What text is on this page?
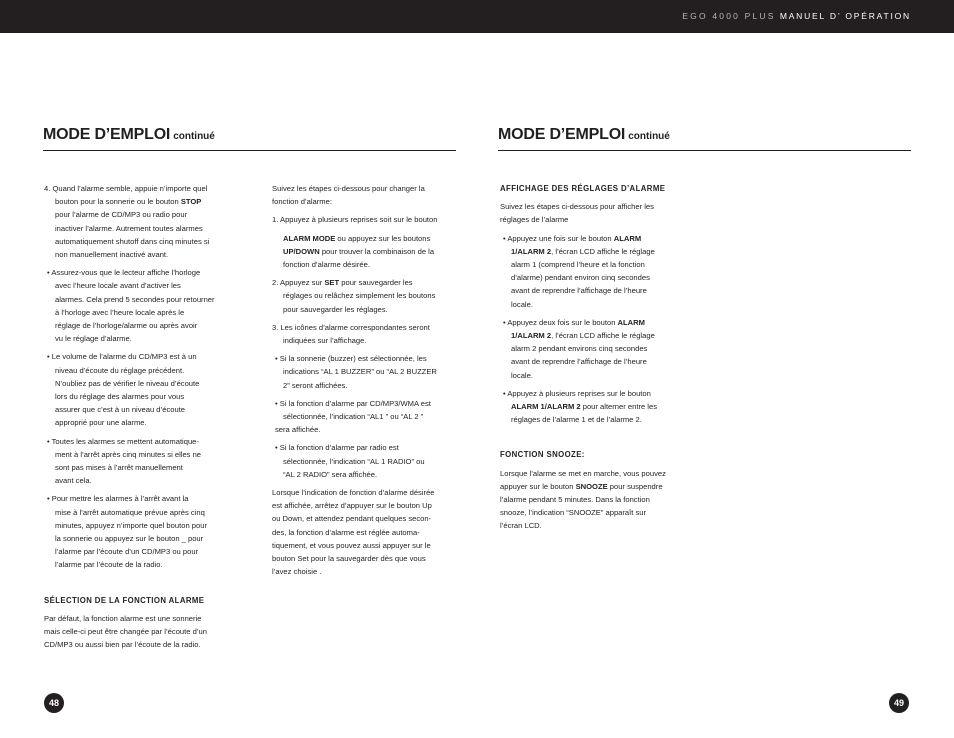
EGO 4000 PLUS MANUEL D’ OPÉRATION
MODE D’EMPLOI continué	MODE D’EMPLOI continué

4. Quand l’alarme semble, appuie n’importe quel

bouton pour la sonnerie ou le bouton STOP

pour l’alarme de CD/MP3 ou radio pour

inactiver l’alarme. Autrement toutes alarmes

automatiquement shutoff dans cinq minutes si

non manuellement inactivé avant.

• Assurez-vous que le lecteur affiche l’horloge

avec l’heure locale avant d’activer les

alarmes. Cela prend 5 secondes pour retourner

à l’horloge avec l’heure locale après le

réglage de l’horloge/alarme ou après avoir

vu le réglage d’alarme.

• Le volume de l’alarme du CD/MP3 est à un

niveau d’écoute du réglage précédent.

N’oubliez pas de vérifier le niveau d’écoute

lors du réglage des alarmes pour vous

assurer que c’est à un niveau d’écoute

approprié pour une alarme.

• Toutes les alarmes se mettent automatique-

ment à l’arrêt après cinq minutes si elles ne

sont pas mises à l’arrêt manuellement

avant cela.

• Pour mettre les alarmes à l’arrêt avant la

mise à l’arrêt automatique prévue après cinq

minutes, appuyez n’importe quel bouton pour

la sonnerie ou appuyez sur le bouton _ pour

l’alarme par l’écoute d’un CD/MP3 ou pour

l’alarme par l’écoute de la radio.

SÉLECTION DE LA FONCTION ALARME

Par défaut, la fonction alarme est une sonnerie

mais celle-ci peut être changée par l’écoute d’un

CD/MP3 ou aussi bien par l’écoute de la radio.

Suivez les étapes ci-dessous pour changer la

fonction d’alarme:

1. Appuyez à plusieurs reprises soit sur le bouton

ALARM MODE ou appuyez sur les boutons

UP/DOWN pour trouver la combinaison de la

fonction d’alarme désirée.

2. Appuyez sur SET pour sauvegarder les

réglages ou relâchez simplement les boutons

pour sauvegarder les réglages.

3. Les icônes d’alarme correspondantes seront

indiquées sur l’affichage.

• Si la sonnerie (buzzer) est sélectionnée, les

indications “AL 1 BUZZER” ou “AL 2 BUZZER

2” seront affichées.

• Si la fonction d’alarme par CD/MP3/WMA est

sélectionnée, l’indication “AL1 ” ou “AL 2 ”

sera affichée.

• Si la fonction d’alarme par radio est

sélectionnée, l’indication “AL 1 RADIO” ou

“AL 2 RADIO” sera affichée.

Lorsque l’indication de fonction d’alarme désirée

est affichée, arrêtez d’appuyer sur le bouton Up

ou Down, et attendez pendant quelques secon-

des, la fonction d’alarme est réglée automa-

tiquement, et vous pouvez aussi appuyer sur le

bouton Set pour la sauvegarder dès que vous

l’avez choisie .

AFFICHAGE DES RÉGLAGES D’ALARME

Suivez les étapes ci-dessous pour afficher les

réglages de l’alarme

• Appuyez une fois sur le bouton ALARM

1/ALARM 2, l’écran LCD affiche le réglage

alarm 1 (comprend l’heure et la fonction

d’alarme) pendant environ cinq secondes

avant de reprendre l’affichage de l’heure

locale.

• Appuyez deux fois sur le bouton ALARM

1/ALARM 2, l’écran LCD affiche le réglage

alarm 2 pendant environs cinq secondes

avant de reprendre l’affichage de l’heure

locale.

• Appuyez à plusieurs reprises sur le bouton

ALARM 1/ALARM 2 pour alterner entre les

réglages de l’alarme 1 et de l’alarme 2.

FONCTION SNOOZE:

Lorsque l’alarme se met en marche, vous pouvez

appuyer sur le bouton SNOOZE pour suspendre

l’alarme pendant 5 minutes. Dans la fonction

snooze, l’indication “SNOOZE” apparaît sur

l’écran LCD.

48	49
